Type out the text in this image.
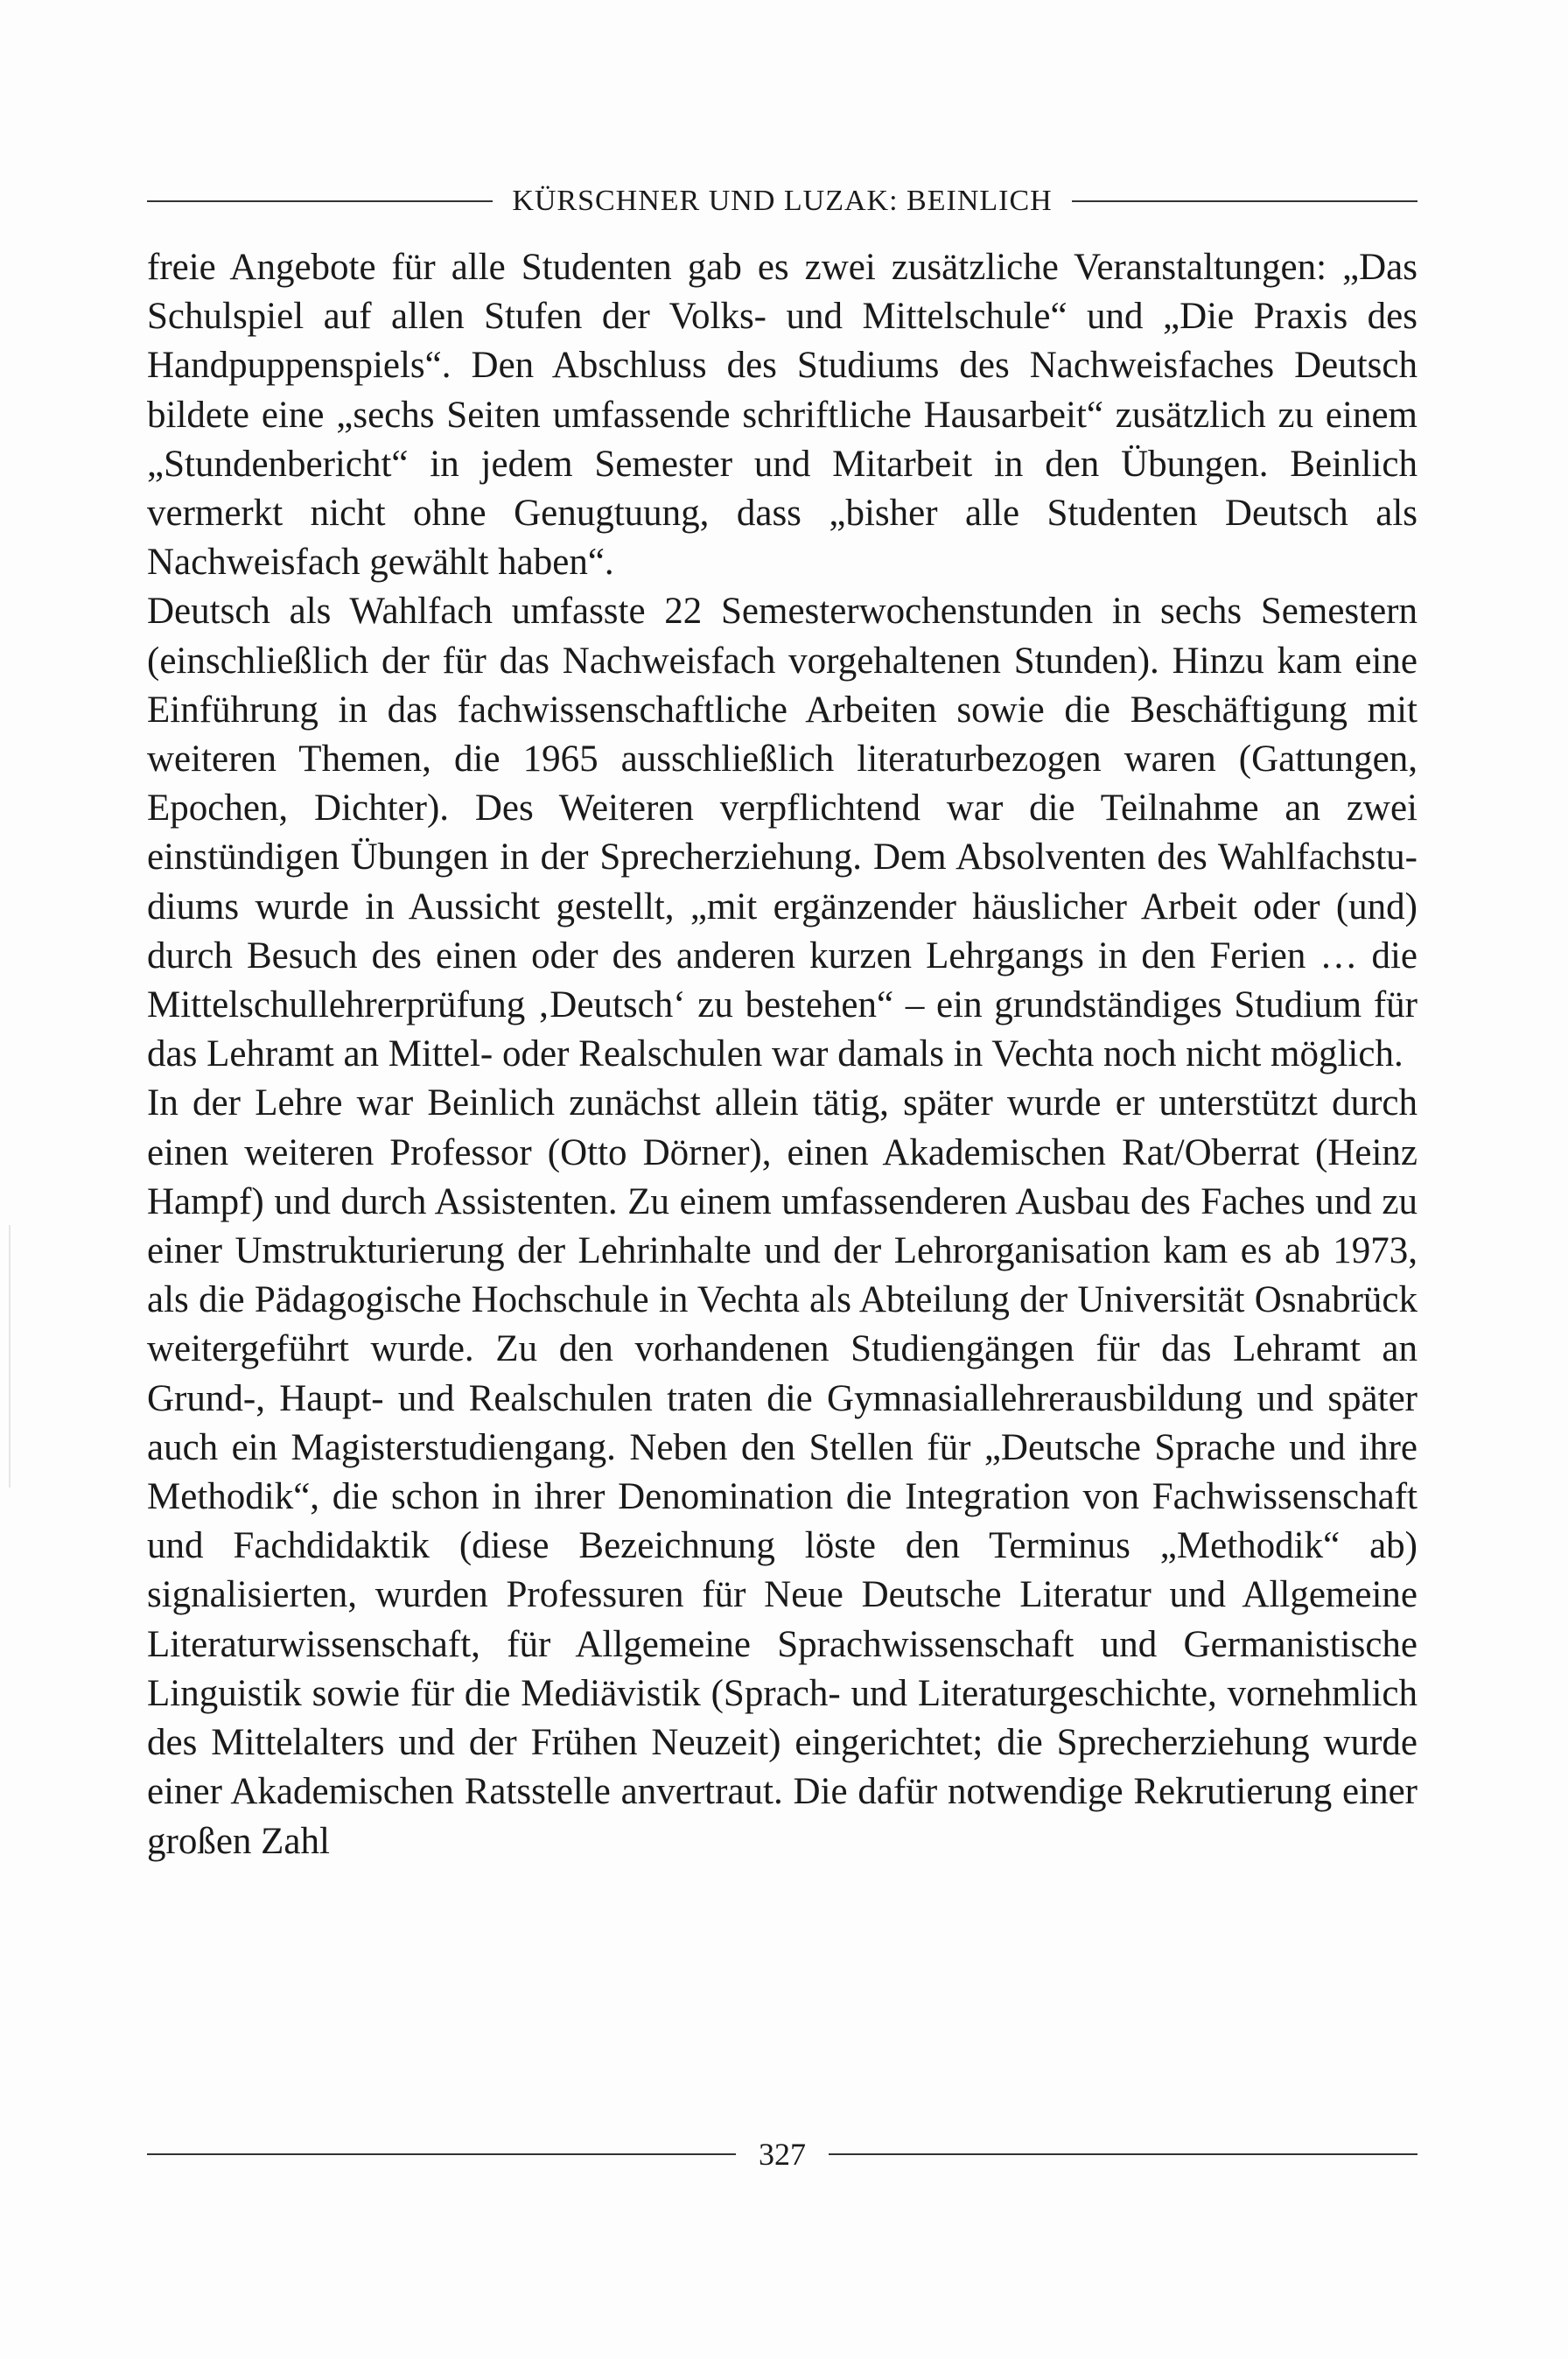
KÜRSCHNER UND LUZAK: BEINLICH

freie Angebote für alle Studenten gab es zwei zusätzliche Veranstaltungen: „Das Schulspiel auf allen Stufen der Volks- und Mittelschule“ und „Die Praxis des Handpuppenspiels“. Den Abschluss des Studiums des Nachweisfaches Deutsch bildete eine „sechs Seiten umfassende schriftliche Hausarbeit“ zusätzlich zu einem „Stundenbericht“ in jedem Semester und Mitarbeit in den Übungen. Beinlich vermerkt nicht ohne Genugtuung, dass „bisher alle Studenten Deutsch als Nachweisfach gewählt haben“.

Deutsch als Wahlfach umfasste 22 Semesterwochenstunden in sechs Semestern (einschließlich der für das Nachweisfach vorgehaltenen Stunden). Hinzu kam eine Einführung in das fachwissenschaftliche Arbeiten sowie die Beschäftigung mit weiteren Themen, die 1965 ausschließlich literaturbezogen waren (Gattungen, Epochen, Dichter). Des Weiteren verpflichtend war die Teilnahme an zwei einstündigen Übungen in der Sprecherziehung. Dem Absolventen des Wahlfachstudiums wurde in Aussicht gestellt, „mit ergänzender häuslicher Arbeit oder (und) durch Besuch des einen oder des anderen kurzen Lehrgangs in den Ferien … die Mittelschullehrerprüfung ‚Deutsch‘ zu bestehen“ – ein grundständiges Studium für das Lehramt an Mittel- oder Realschulen war damals in Vechta noch nicht möglich.

In der Lehre war Beinlich zunächst allein tätig, später wurde er unterstützt durch einen weiteren Professor (Otto Dörner), einen Akademischen Rat/Oberrat (Heinz Hampf) und durch Assistenten. Zu einem umfassenderen Ausbau des Faches und zu einer Umstrukturierung der Lehrinhalte und der Lehrorganisation kam es ab 1973, als die Pädagogische Hochschule in Vechta als Abteilung der Universität Osnabrück weitergeführt wurde. Zu den vorhandenen Studiengängen für das Lehramt an Grund-, Haupt- und Realschulen traten die Gymnasiallehrerausbildung und später auch ein Magisterstudiengang. Neben den Stellen für „Deutsche Sprache und ihre Methodik“, die schon in ihrer Denomination die Integration von Fachwissenschaft und Fachdidaktik (diese Bezeichnung löste den Terminus „Methodik“ ab) signalisierten, wurden Professuren für Neue Deutsche Literatur und Allgemeine Literaturwissenschaft, für Allgemeine Sprachwissenschaft und Germanistische Linguistik sowie für die Mediävistik (Sprach- und Literaturgeschichte, vornehmlich des Mittelalters und der Frühen Neuzeit) eingerichtet; die Sprecherziehung wurde einer Akademischen Ratsstelle anvertraut. Die dafür notwendige Rekrutierung einer großen Zahl

327
